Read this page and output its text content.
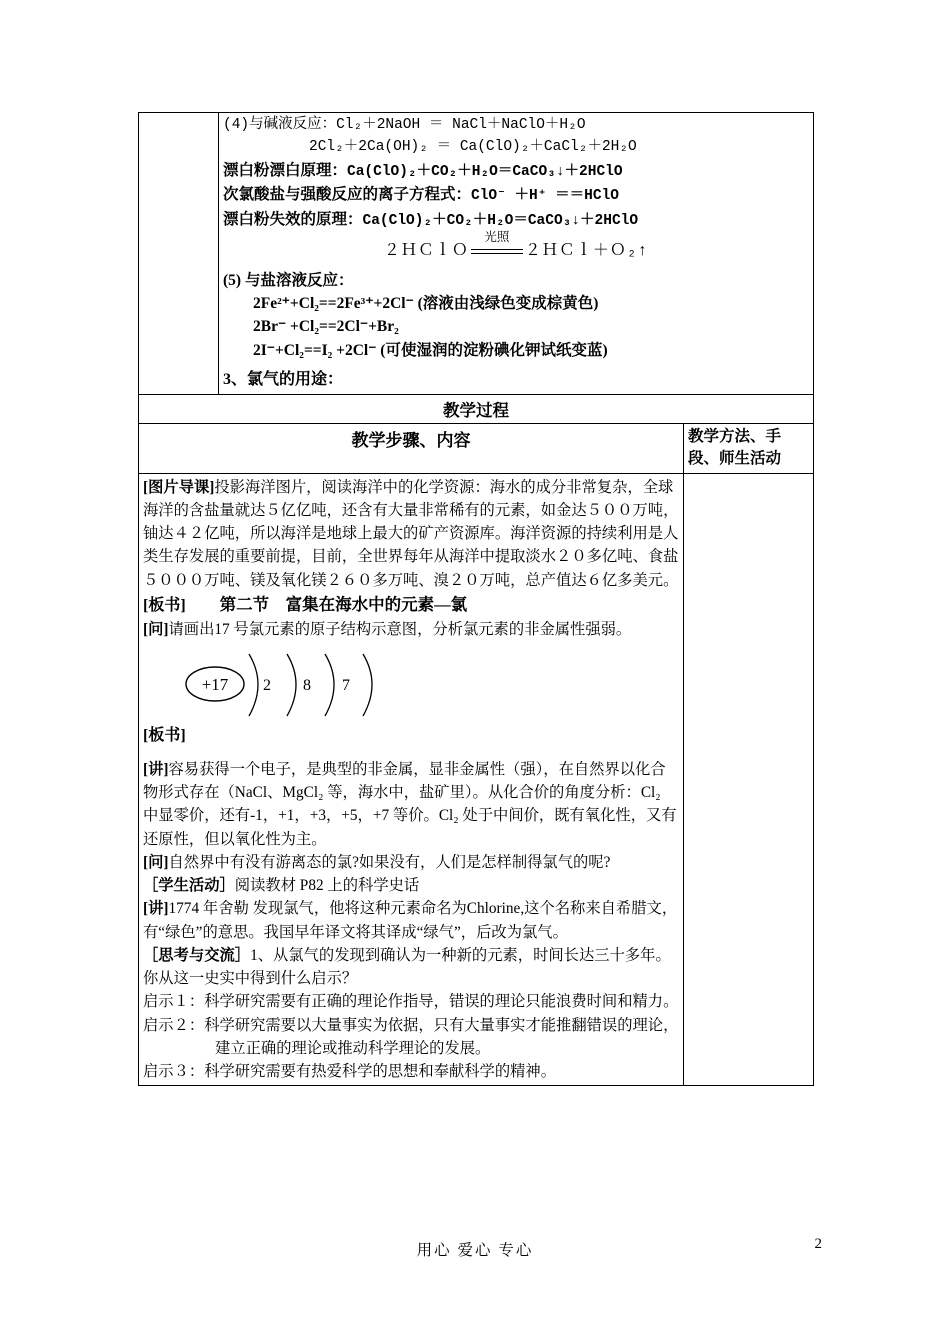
(4)与碱液反应：Cl₂＋2NaOH ＝ NaCl＋NaClO＋H₂O
2Cl₂＋2Ca(OH)₂ ＝ Ca(ClO)₂＋CaCl₂＋2H₂O
漂白粉漂白原理：Ca(ClO)₂＋CO₂＋H₂O＝CaCO₃↓＋2HClO
次氯酸盐与强酸反应的离子方程式：ClO⁻ ＋H⁺ ＝＝HClO
漂白粉失效的原理：Ca(ClO)₂＋CO₂＋H₂O＝CaCO₃↓＋2HClO
２ＨＣｌＯ
光照
２ＨＣｌ＋Ｏ₂↑
(5) 与盐溶液反应：
2Fe²⁺+Cl₂==2Fe³⁺+2Cl⁻ (溶液由浅绿色变成棕黄色)
2Br⁻ +Cl₂==2Cl⁻+Br₂
2I⁻+Cl₂==I₂ +2Cl⁻ (可使湿润的淀粉碘化钾试纸变蓝)
3、氯气的用途：

教学过程		
教学步骤、内容		教学方法、手段、师生活动

[图片导课]投影海洋图片，阅读海洋中的化学资源：海水的成分非常复杂，全球海洋的含盐量就达５亿亿吨，还含有大量非常稀有的元素，如金达５００万吨，铀达４２亿吨，所以海洋是地球上最大的矿产资源库。海洋资源的持续利用是人类生存发展的重要前提，目前，全世界每年从海洋中提取淡水２０多亿吨、食盐５０００万吨、镁及氧化镁２６０多万吨、溴２０万吨，总产值达６亿多美元。

[板书] 第二节　富集在海水中的元素—氯

[问]请画出17 号氯元素的原子结构示意图，分析氯元素的非金属性强弱。

+17 2 8 7

[板书]

[讲]容易获得一个电子，是典型的非金属，显非金属性（强），在自然界以化合物形式存在（NaCl、MgCl₂ 等，海水中，盐矿里）。从化合价的角度分析：Cl₂ 中显零价，还有-1，+1，+3，+5，+7 等价。Cl₂ 处于中间价，既有氧化性，又有还原性，但以氧化性为主。

[问]自然界中有没有游离态的氯?如果没有，人们是怎样制得氯气的呢?

［学生活动］阅读教材 P82 上的科学史话

[讲]1774 年舍勒 发现氯气，他将这种元素命名为Chlorine,这个名称来自希腊文，有“绿色”的意思。我国早年译文将其译成“绿气”，后改为氯气。

［思考与交流］1、从氯气的发现到确认为一种新的元素，时间长达三十多年。你从这一史实中得到什么启示？

启示１：科学研究需要有正确的理论作指导，错误的理论只能浪费时间和精力。

启示２：科学研究需要以大量事实为依据，只有大量事实才能推翻错误的理论，建立正确的理论或推动科学理论的发展。

启示３：科学研究需要有热爱科学的思想和奉献科学的精神。

用心 爱心 专心	2
